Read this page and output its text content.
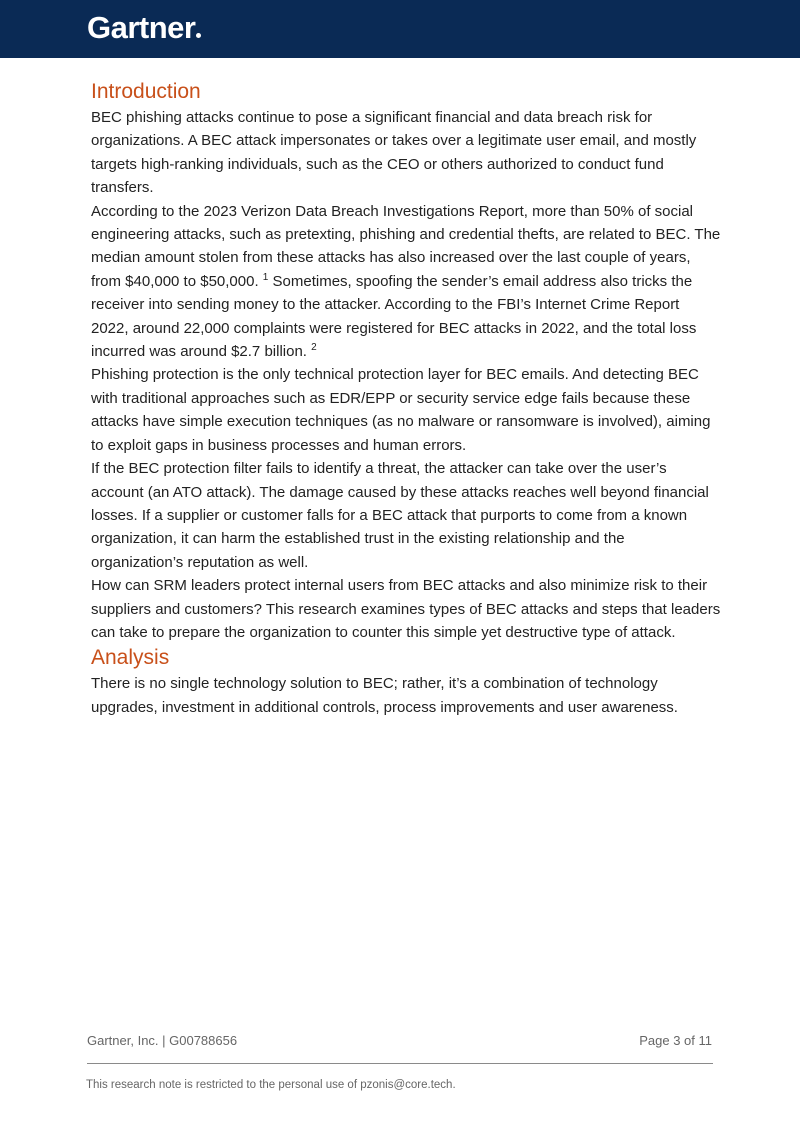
Gartner
Introduction

BEC phishing attacks continue to pose a significant financial and data breach risk for organizations. A BEC attack impersonates or takes over a legitimate user email, and mostly targets high-ranking individuals, such as the CEO or others authorized to conduct fund transfers.

According to the 2023 Verizon Data Breach Investigations Report, more than 50% of social engineering attacks, such as pretexting, phishing and credential thefts, are related to BEC. The median amount stolen from these attacks has also increased over the last couple of years, from $40,000 to $50,000. $^1$ Sometimes, spoofing the sender’s email address also tricks the receiver into sending money to the attacker. According to the FBI’s Internet Crime Report 2022, around 22,000 complaints were registered for BEC attacks in 2022, and the total loss incurred was around $2.7 billion. $^2$

Phishing protection is the only technical protection layer for BEC emails. And detecting BEC with traditional approaches such as EDR/EPP or security service edge fails because these attacks have simple execution techniques (as no malware or ransomware is involved), aiming to exploit gaps in business processes and human errors.

If the BEC protection filter fails to identify a threat, the attacker can take over the user’s account (an ATO attack). The damage caused by these attacks reaches well beyond financial losses. If a supplier or customer falls for a BEC attack that purports to come from a known organization, it can harm the established trust in the existing relationship and the organization’s reputation as well.

How can SRM leaders protect internal users from BEC attacks and also minimize risk to their suppliers and customers? This research examines types of BEC attacks and steps that leaders can take to prepare the organization to counter this simple yet destructive type of attack.

Analysis

There is no single technology solution to BEC; rather, it’s a combination of technology upgrades, investment in additional controls, process improvements and user awareness.

Gartner, Inc. | G00788656	Page 3 of 11
This research note is restricted to the personal use of pzonis@core.tech.
